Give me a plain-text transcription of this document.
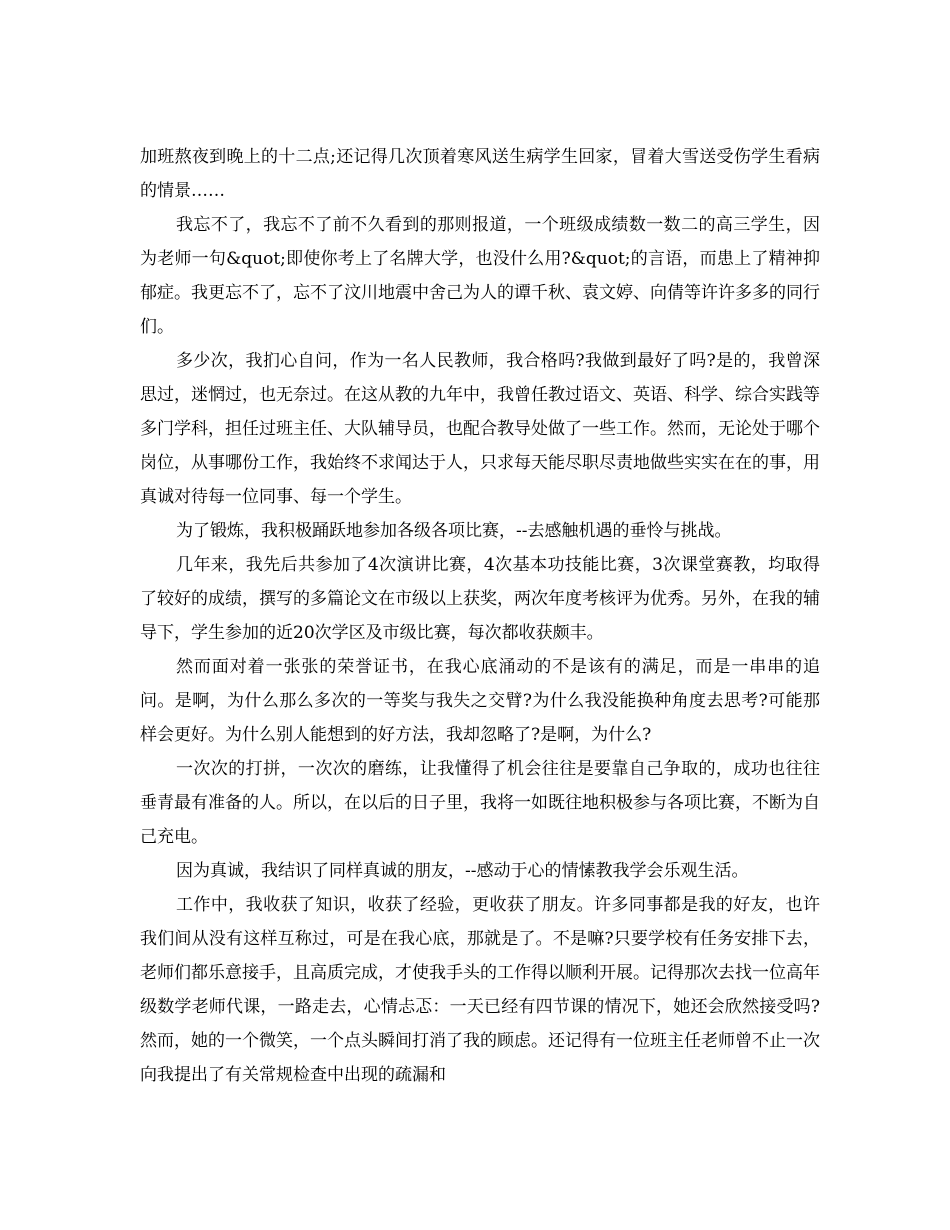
加班熬夜到晚上的十二点;还记得几次顶着寒风送生病学生回家，冒着大雪送受伤学生看病的情景……

我忘不了，我忘不了前不久看到的那则报道，一个班级成绩数一数二的高三学生，因为老师一句&quot;即使你考上了名牌大学，也没什么用?&quot;的言语，而患上了精神抑郁症。我更忘不了，忘不了汶川地震中舍己为人的谭千秋、袁文婷、向倩等许许多多的同行们。

多少次，我扪心自问，作为一名人民教师，我合格吗?我做到最好了吗?是的，我曾深思过，迷惘过，也无奈过。在这从教的九年中，我曾任教过语文、英语、科学、综合实践等多门学科，担任过班主任、大队辅导员，也配合教导处做了一些工作。然而，无论处于哪个岗位，从事哪份工作，我始终不求闻达于人，只求每天能尽职尽责地做些实实在在的事，用真诚对待每一位同事、每一个学生。

为了锻炼，我积极踊跃地参加各级各项比赛，--去感触机遇的垂怜与挑战。

几年来，我先后共参加了4次演讲比赛，4次基本功技能比赛，3次课堂赛教，均取得了较好的成绩，撰写的多篇论文在市级以上获奖，两次年度考核评为优秀。另外，在我的辅导下，学生参加的近20次学区及市级比赛，每次都收获颇丰。

然而面对着一张张的荣誉证书，在我心底涌动的不是该有的满足，而是一串串的追问。是啊，为什么那么多次的一等奖与我失之交臂?为什么我没能换种角度去思考?可能那样会更好。为什么别人能想到的好方法，我却忽略了?是啊，为什么?

一次次的打拼，一次次的磨练，让我懂得了机会往往是要靠自己争取的，成功也往往垂青最有准备的人。所以，在以后的日子里，我将一如既往地积极参与各项比赛，不断为自己充电。

因为真诚，我结识了同样真诚的朋友，--感动于心的情愫教我学会乐观生活。

工作中，我收获了知识，收获了经验，更收获了朋友。许多同事都是我的好友，也许我们间从没有这样互称过，可是在我心底，那就是了。不是嘛?只要学校有任务安排下去，老师们都乐意接手，且高质完成，才使我手头的工作得以顺利开展。记得那次去找一位高年级数学老师代课，一路走去，心情忐忑：一天已经有四节课的情况下，她还会欣然接受吗?然而，她的一个微笑，一个点头瞬间打消了我的顾虑。还记得有一位班主任老师曾不止一次向我提出了有关常规检查中出现的疏漏和
